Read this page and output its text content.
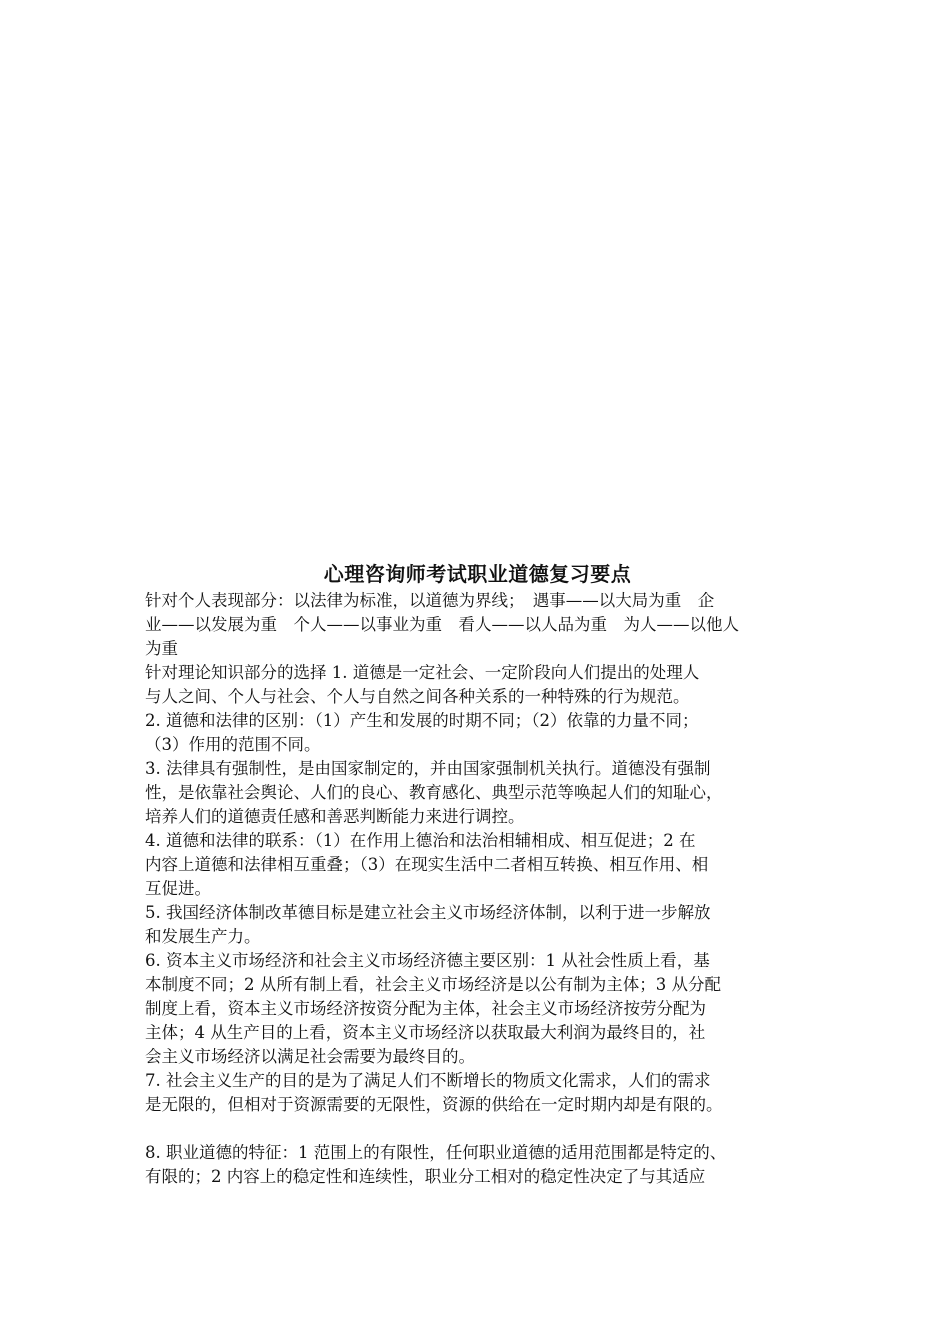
心理咨询师考试职业道德复习要点

针对个人表现部分：以法律为标准，以道德为界线；　遇事——以大局为重　企

业——以发展为重　个人——以事业为重　看人——以人品为重　为人——以他人

为重

针对理论知识部分的选择 1. 道德是一定社会、一定阶段向人们提出的处理人

与人之间、个人与社会、个人与自然之间各种关系的一种特殊的行为规范。

2. 道德和法律的区别：（1）产生和发展的时期不同；（2）依靠的力量不同；

（3）作用的范围不同。

3. 法律具有强制性，是由国家制定的，并由国家强制机关执行。道德没有强制

性，是依靠社会舆论、人们的良心、教育感化、典型示范等唤起人们的知耻心，

培养人们的道德责任感和善恶判断能力来进行调控。

4. 道德和法律的联系：（1）在作用上德治和法治相辅相成、相互促进；2 在

内容上道德和法律相互重叠；（3）在现实生活中二者相互转换、相互作用、相

互促进。

5. 我国经济体制改革德目标是建立社会主义市场经济体制，以利于进一步解放

和发展生产力。

6. 资本主义市场经济和社会主义市场经济德主要区别：1 从社会性质上看，基

本制度不同；2 从所有制上看，社会主义市场经济是以公有制为主体；3 从分配

制度上看，资本主义市场经济按资分配为主体，社会主义市场经济按劳分配为

主体；4 从生产目的上看，资本主义市场经济以获取最大利润为最终目的，社

会主义市场经济以满足社会需要为最终目的。

7. 社会主义生产的目的是为了满足人们不断增长的物质文化需求，人们的需求

是无限的，但相对于资源需要的无限性，资源的供给在一定时期内却是有限的。

8. 职业道德的特征：1 范围上的有限性，任何职业道德的适用范围都是特定的、

有限的；2 内容上的稳定性和连续性，职业分工相对的稳定性决定了与其适应
